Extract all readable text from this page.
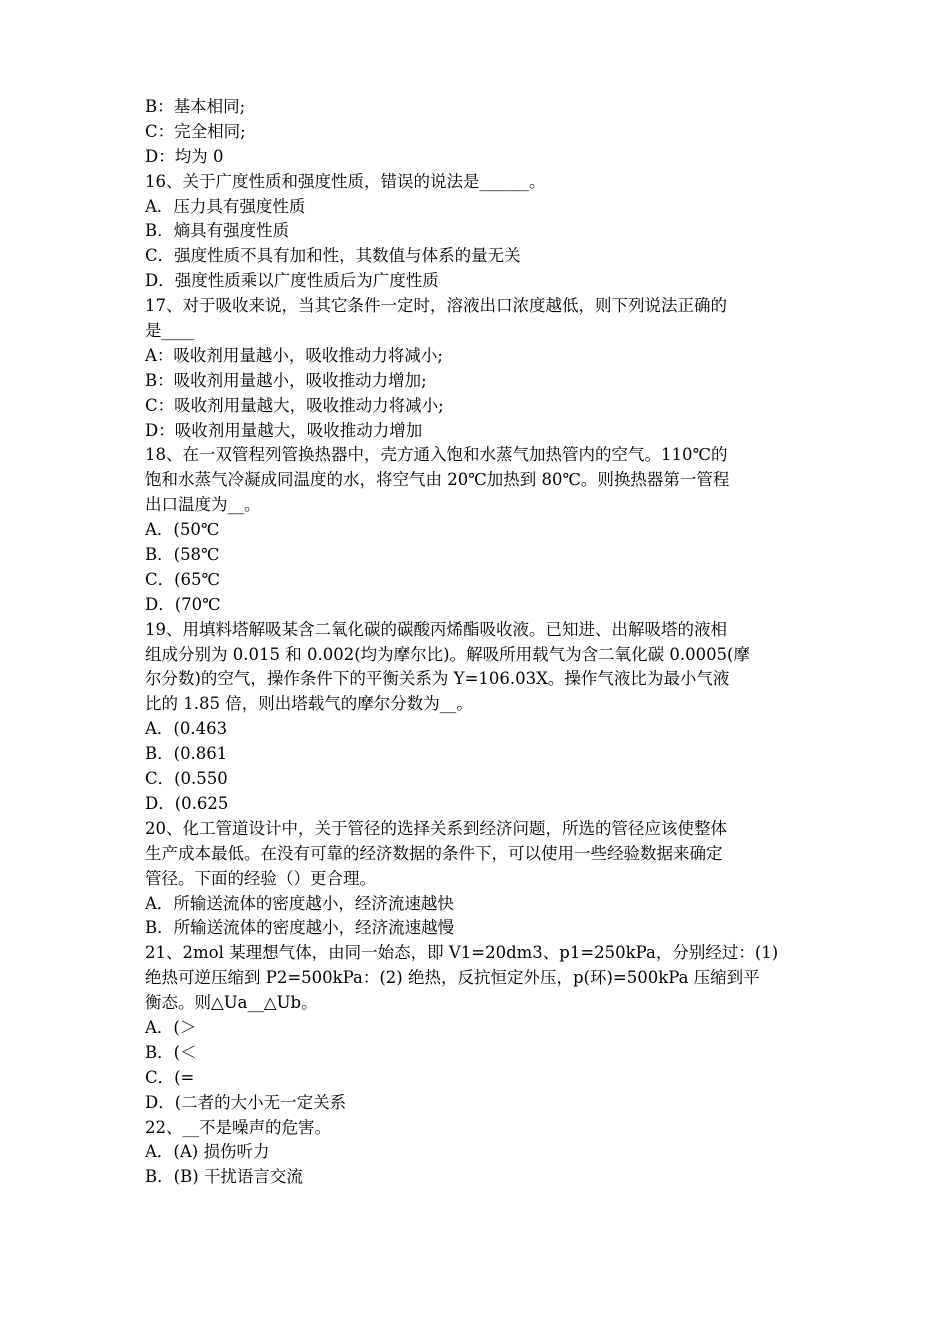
B：基本相同;
C：完全相同;
D：均为 0
16、关于广度性质和强度性质，错误的说法是______。
A．压力具有强度性质
B．熵具有强度性质
C．强度性质不具有加和性，其数值与体系的量无关
D．强度性质乘以广度性质后为广度性质
17、对于吸收来说，当其它条件一定时，溶液出口浓度越低，则下列说法正确的
是____
A：吸收剂用量越小，吸收推动力将减小;
B：吸收剂用量越小，吸收推动力增加;
C：吸收剂用量越大，吸收推动力将减小;
D：吸收剂用量越大，吸收推动力增加
18、在一双管程列管换热器中，壳方通入饱和水蒸气加热管内的空气。110℃的
饱和水蒸气冷凝成同温度的水，将空气由 20℃加热到 80℃。则换热器第一管程
出口温度为__。
A．(50℃
B．(58℃
C．(65℃
D．(70℃
19、用填料塔解吸某含二氧化碳的碳酸丙烯酯吸收液。已知进、出解吸塔的液相
组成分别为 0.015 和 0.002(均为摩尔比)。解吸所用载气为含二氧化碳 0.0005(摩
尔分数)的空气，操作条件下的平衡关系为 Y=106.03X。操作气液比为最小气液
比的 1.85 倍，则出塔载气的摩尔分数为__。
A．(0.463
B．(0.861
C．(0.550
D．(0.625
20、化工管道设计中，关于管径的选择关系到经济问题，所选的管径应该使整体
生产成本最低。在没有可靠的经济数据的条件下，可以使用一些经验数据来确定
管径。下面的经验（）更合理。
A．所输送流体的密度越小，经济流速越快
B．所输送流体的密度越小，经济流速越慢
21、2mol 某理想气体，由同一始态，即 V1=20dm3、p1=250kPa，分别经过：(1)
绝热可逆压缩到 P2=500kPa：(2) 绝热，反抗恒定外压，p(环)=500kPa 压缩到平
衡态。则△Ua__△Ub。
A．(＞
B．(＜
C．(=
D．(二者的大小无一定关系
22、__不是噪声的危害。
A．(A) 损伤听力
B．(B) 干扰语言交流
